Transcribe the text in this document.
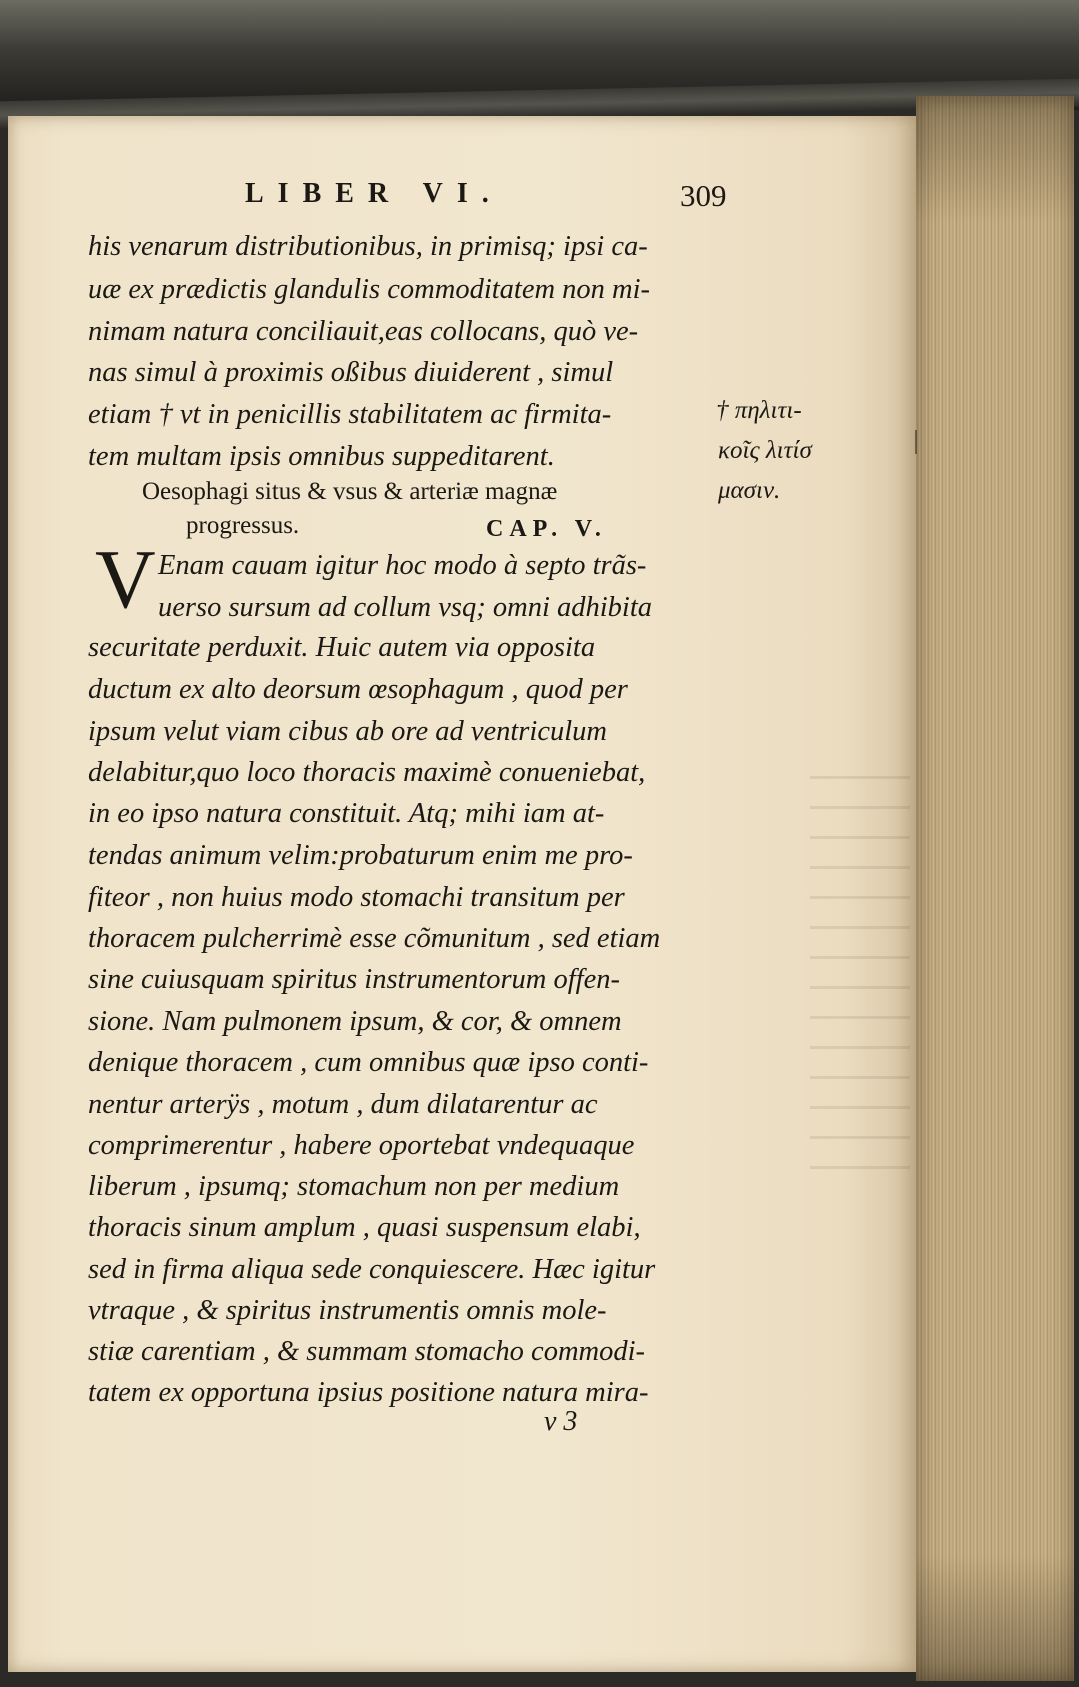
LIBER VI.	309
his venarum distributionibus, in primisq; ipsi ca-
uæ ex prædictis glandulis commoditatem non mi-
nimam natura conciliauit,eas collocans, quò ve-
nas simul à proximis oßibus diuiderent , simul
etiam † vt in penicillis stabilitatem ac firmita-
tem multam ipsis omnibus suppeditarent.
Oesophagi situs & vsus & arteriæ magnæ
progressus.	CAP. V.
V Enam cauam igitur hoc modo à septo trãs-
uerso sursum ad collum vsq; omni adhibita
securitate perduxit. Huic autem via opposita
ductum ex alto deorsum œsophagum , quod per
ipsum velut viam cibus ab ore ad ventriculum
delabitur,quo loco thoracis maximè conueniebat,
in eo ipso natura constituit. Atq; mihi iam at-
tendas animum velim:probaturum enim me pro-
fiteor , non huius modo stomachi transitum per
thoracem pulcherrimè esse cõmunitum , sed etiam
sine cuiusquam spiritus instrumentorum offen-
sione. Nam pulmonem ipsum, & cor, & omnem
denique thoracem , cum omnibus quæ ipso conti-
nentur arterÿs , motum , dum dilatarentur ac
comprimerentur , habere oportebat vndequaque
liberum , ipsumq; stomachum non per medium
thoracis sinum amplum , quasi suspensum elabi,
sed in firma aliqua sede conquiescere. Hæc igitur
vtraque , & spiritus instrumentis omnis mole-
stiæ carentiam , & summam stomacho commodi-
tatem ex opportuna ipsius positione natura mira-
† πηλιτι-
κοῖς λιτίσ
μασιν.
v 3
